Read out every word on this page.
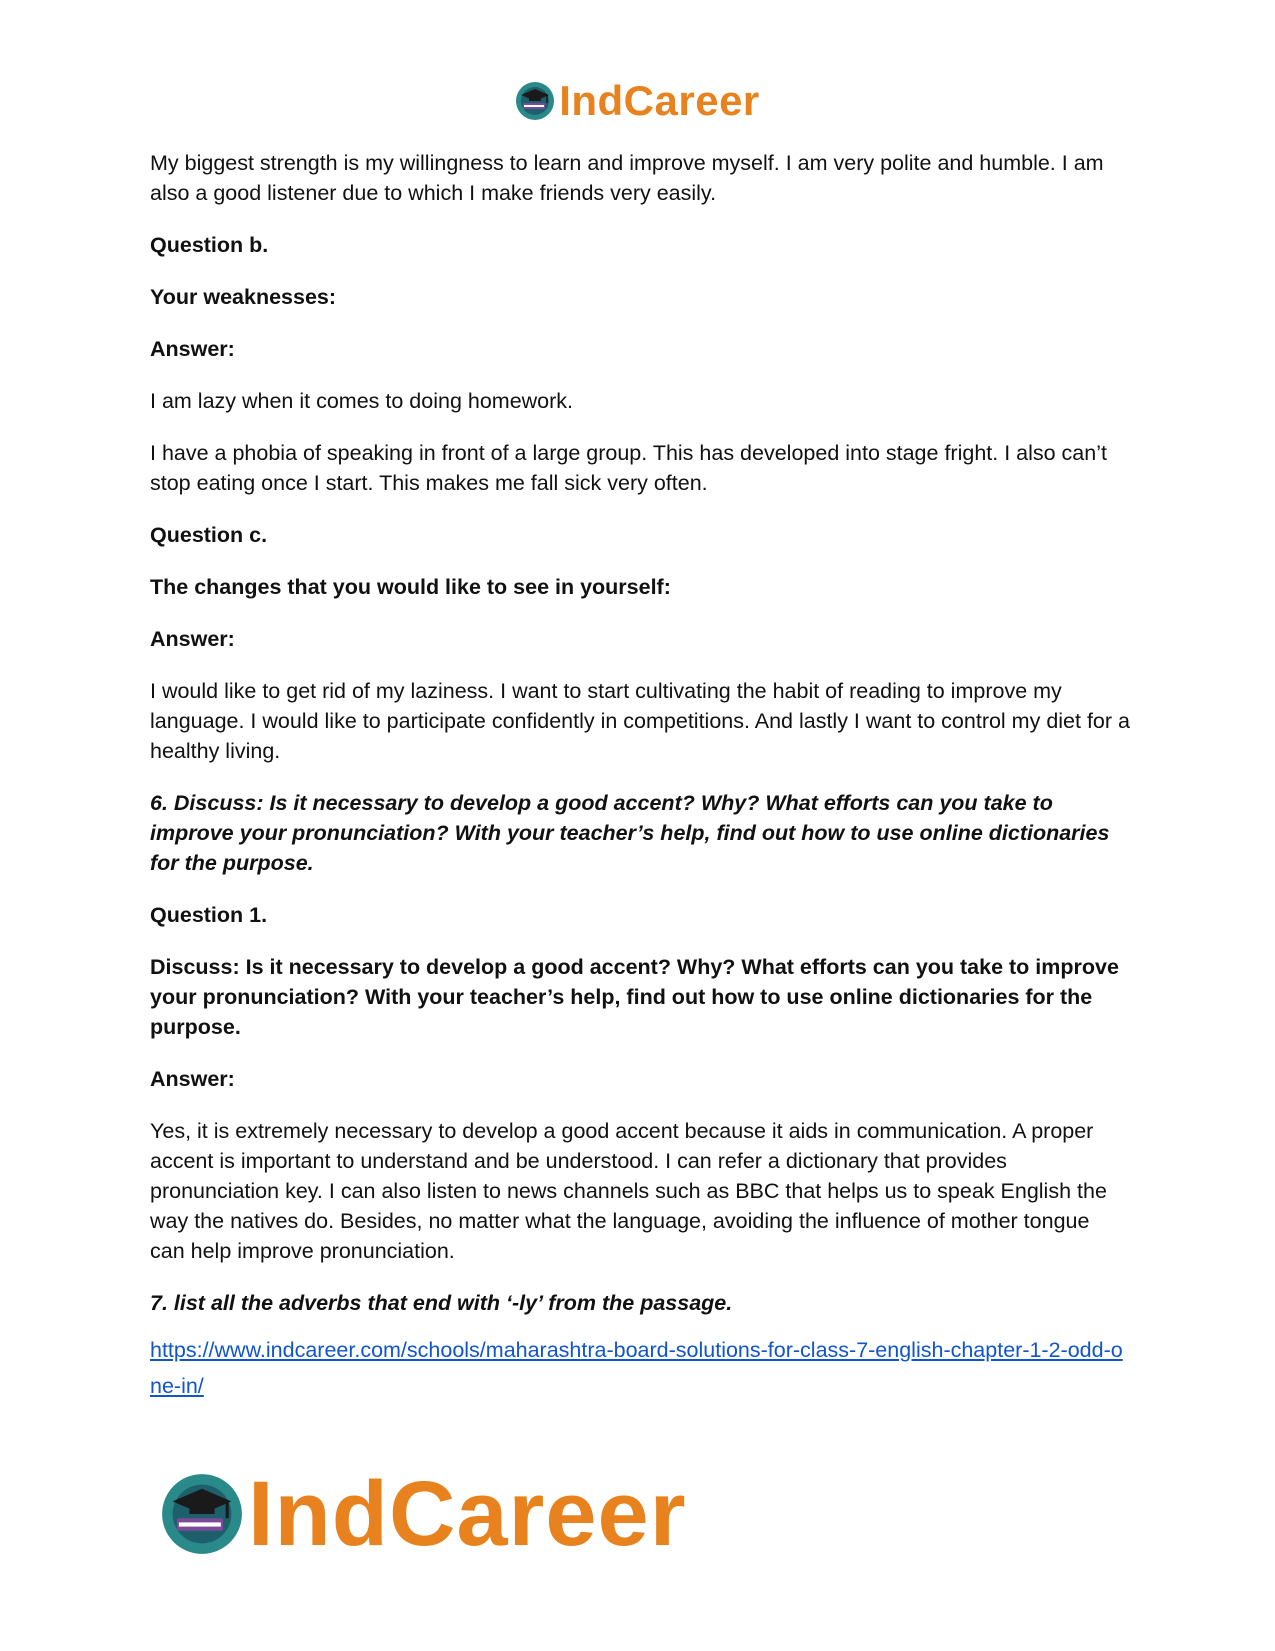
IndCareer

My biggest strength is my willingness to learn and improve myself. I am very polite and humble. I am also a good listener due to which I make friends very easily.

Question b.

Your weaknesses:

Answer:

I am lazy when it comes to doing homework.

I have a phobia of speaking in front of a large group. This has developed into stage fright. I also can’t stop eating once I start. This makes me fall sick very often.

Question c.

The changes that you would like to see in yourself:

Answer:

I would like to get rid of my laziness. I want to start cultivating the habit of reading to improve my language. I would like to participate confidently in competitions. And lastly I want to control my diet for a healthy living.

6. Discuss: Is it necessary to develop a good accent? Why? What efforts can you take to improve your pronunciation? With your teacher’s help, find out how to use online dictionaries for the purpose.

Question 1.

Discuss: Is it necessary to develop a good accent? Why? What efforts can you take to improve your pronunciation? With your teacher’s help, find out how to use online dictionaries for the purpose.

Answer:

Yes, it is extremely necessary to develop a good accent because it aids in communication. A proper accent is important to understand and be understood. I can refer a dictionary that provides pronunciation key. I can also listen to news channels such as BBC that helps us to speak English the way the natives do. Besides, no matter what the language, avoiding the influence of mother tongue can help improve pronunciation.

7. list all the adverbs that end with ‘-ly’ from the passage.

https://www.indcareer.com/schools/maharashtra-board-solutions-for-class-7-english-chapter-1-2-odd-one-in/
IndCareer
